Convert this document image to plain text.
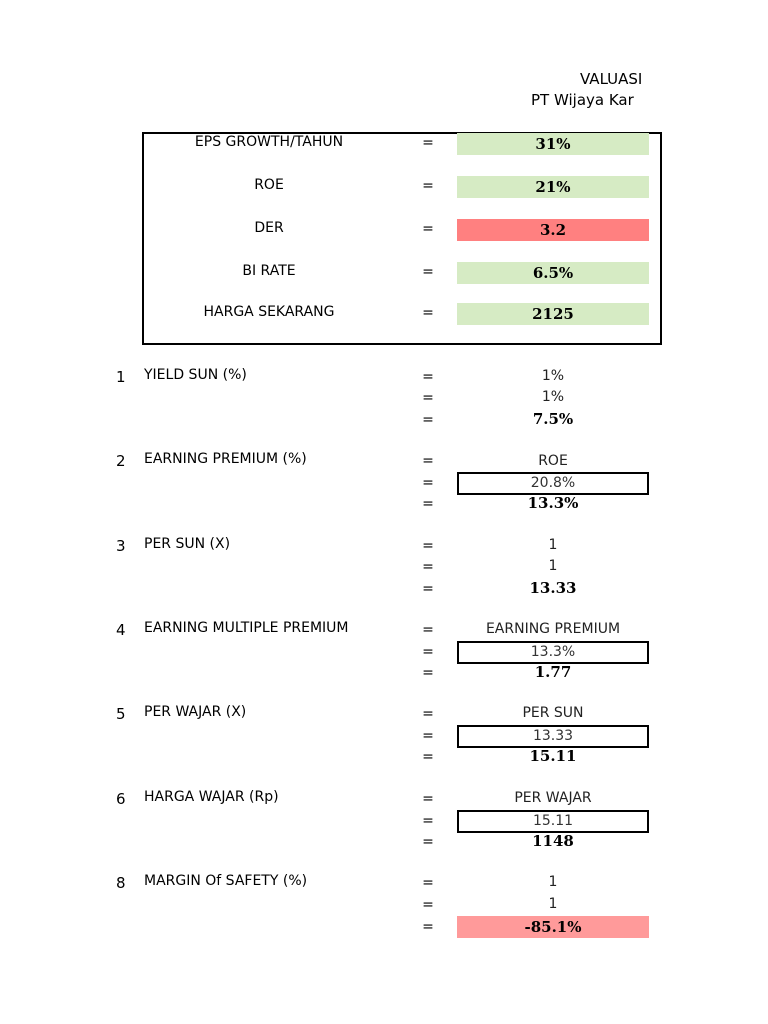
VALUASI
PT Wijaya Kar
EPS GROWTH/TAHUN	=	31%
ROE	=	21%
DER	=	3.2
BI RATE	=	6.5%
HARGA SEKARANG	=	2125
1 YIELD SUN (%)	=	1%
=	1%
=	7.5%
2 EARNING PREMIUM (%)	=	ROE
=	20.8%
=	13.3%
3 PER SUN (X)	=	1
=	1
=	13.33
4 EARNING MULTIPLE PREMIUM	=	EARNING PREMIUM
=	13.3%
=	1.77
5 PER WAJAR (X)	=	PER SUN
=	13.33
=	15.11
6 HARGA WAJAR (Rp)	=	PER WAJAR
=	15.11
=	1148
8 MARGIN Of SAFETY (%)	=	1
=	1
=	-85.1%
